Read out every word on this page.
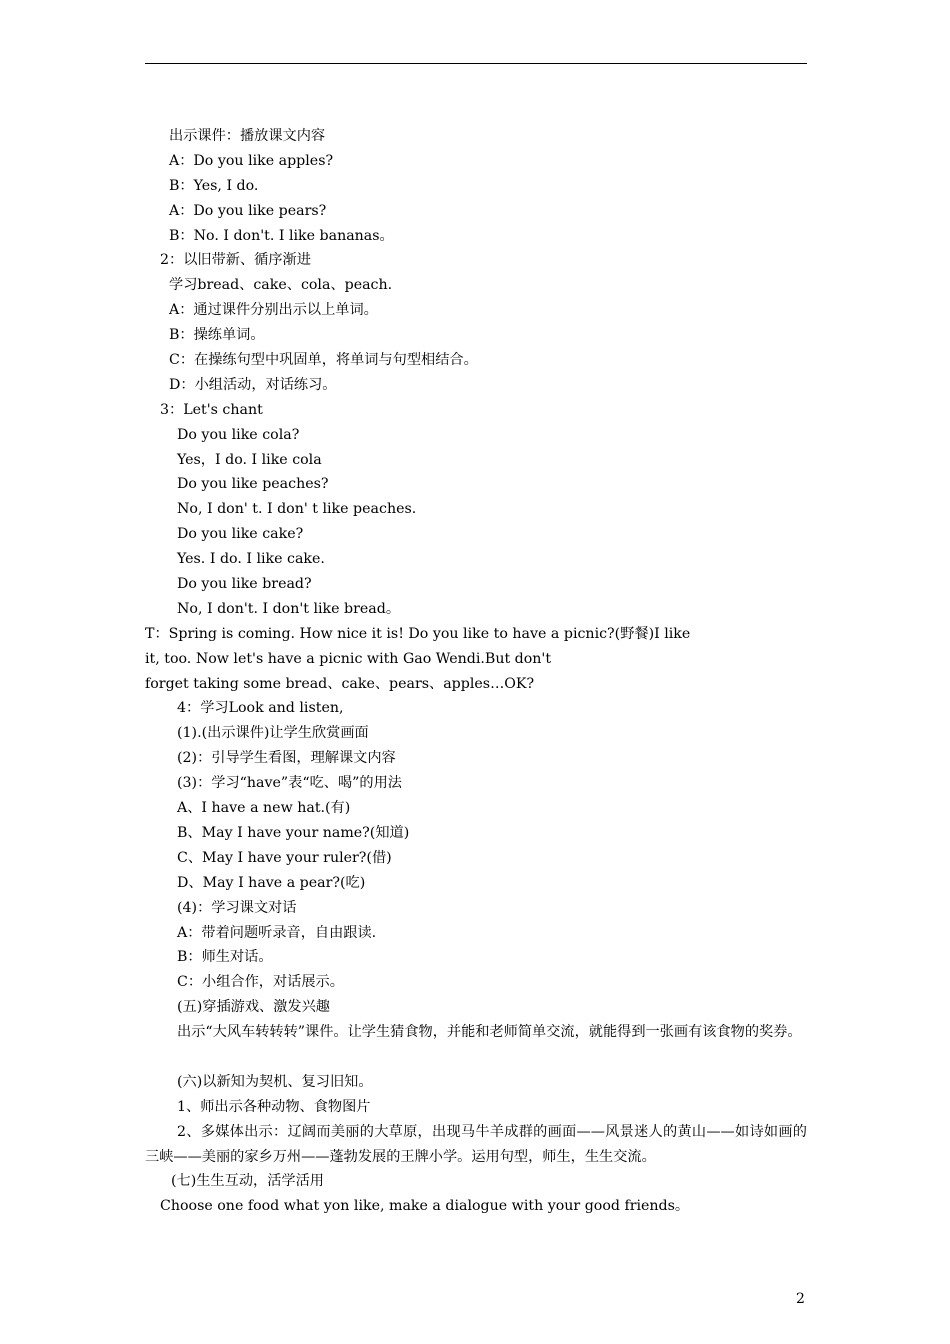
出示课件：播放课文内容
A：Do you like apples?
B：Yes, I do.
A：Do you like pears?
B：No. I don't. I like bananas。
2：以旧带新、循序渐进
学习bread、cake、cola、peach.
A：通过课件分别出示以上单词。
B：操练单词。
C：在操练句型中巩固单，将单词与句型相结合。
D：小组活动，对话练习。
3：Let's chant
Do you like cola?
Yes，I do. I like cola
Do you like peaches?
No, I don' t. I don' t like peaches.
Do you like cake?
Yes. I do. I like cake.
Do you like bread?
No, I don't. I don't like bread。
T：Spring is coming. How nice it is! Do you like to have a picnic?(野餐)I like
it, too. Now let's have a picnic with Gao Wendi.But don't
forget taking some bread、cake、pears、apples…OK?
4：学习Look and listen,
(1).(出示课件)让学生欣赏画面
(2)：引导学生看图，理解课文内容
(3)：学习“have”表“吃、喝”的用法
A、I have a new hat.(有)
B、May I have your name?(知道)
C、May I have your ruler?(借)
D、May I have a pear?(吃)
(4)：学习课文对话
A：带着问题听录音，自由跟读.
B：师生对话。
C：小组合作，对话展示。
(五)穿插游戏、激发兴趣
出示“大风车转转转”课件。让学生猜食物，并能和老师简单交流，就能得到一张画有该食物的奖券。
(六)以新知为契机、复习旧知。
1、师出示各种动物、食物图片
2、多媒体出示：辽阔而美丽的大草原，出现马牛羊成群的画面——风景迷人的黄山——如诗如画的三峡——美丽的家乡万州——蓬勃发展的王牌小学。运用句型，师生，生生交流。
(七)生生互动，活学活用
Choose one food what yon like, make a dialogue with your good friends。
2
